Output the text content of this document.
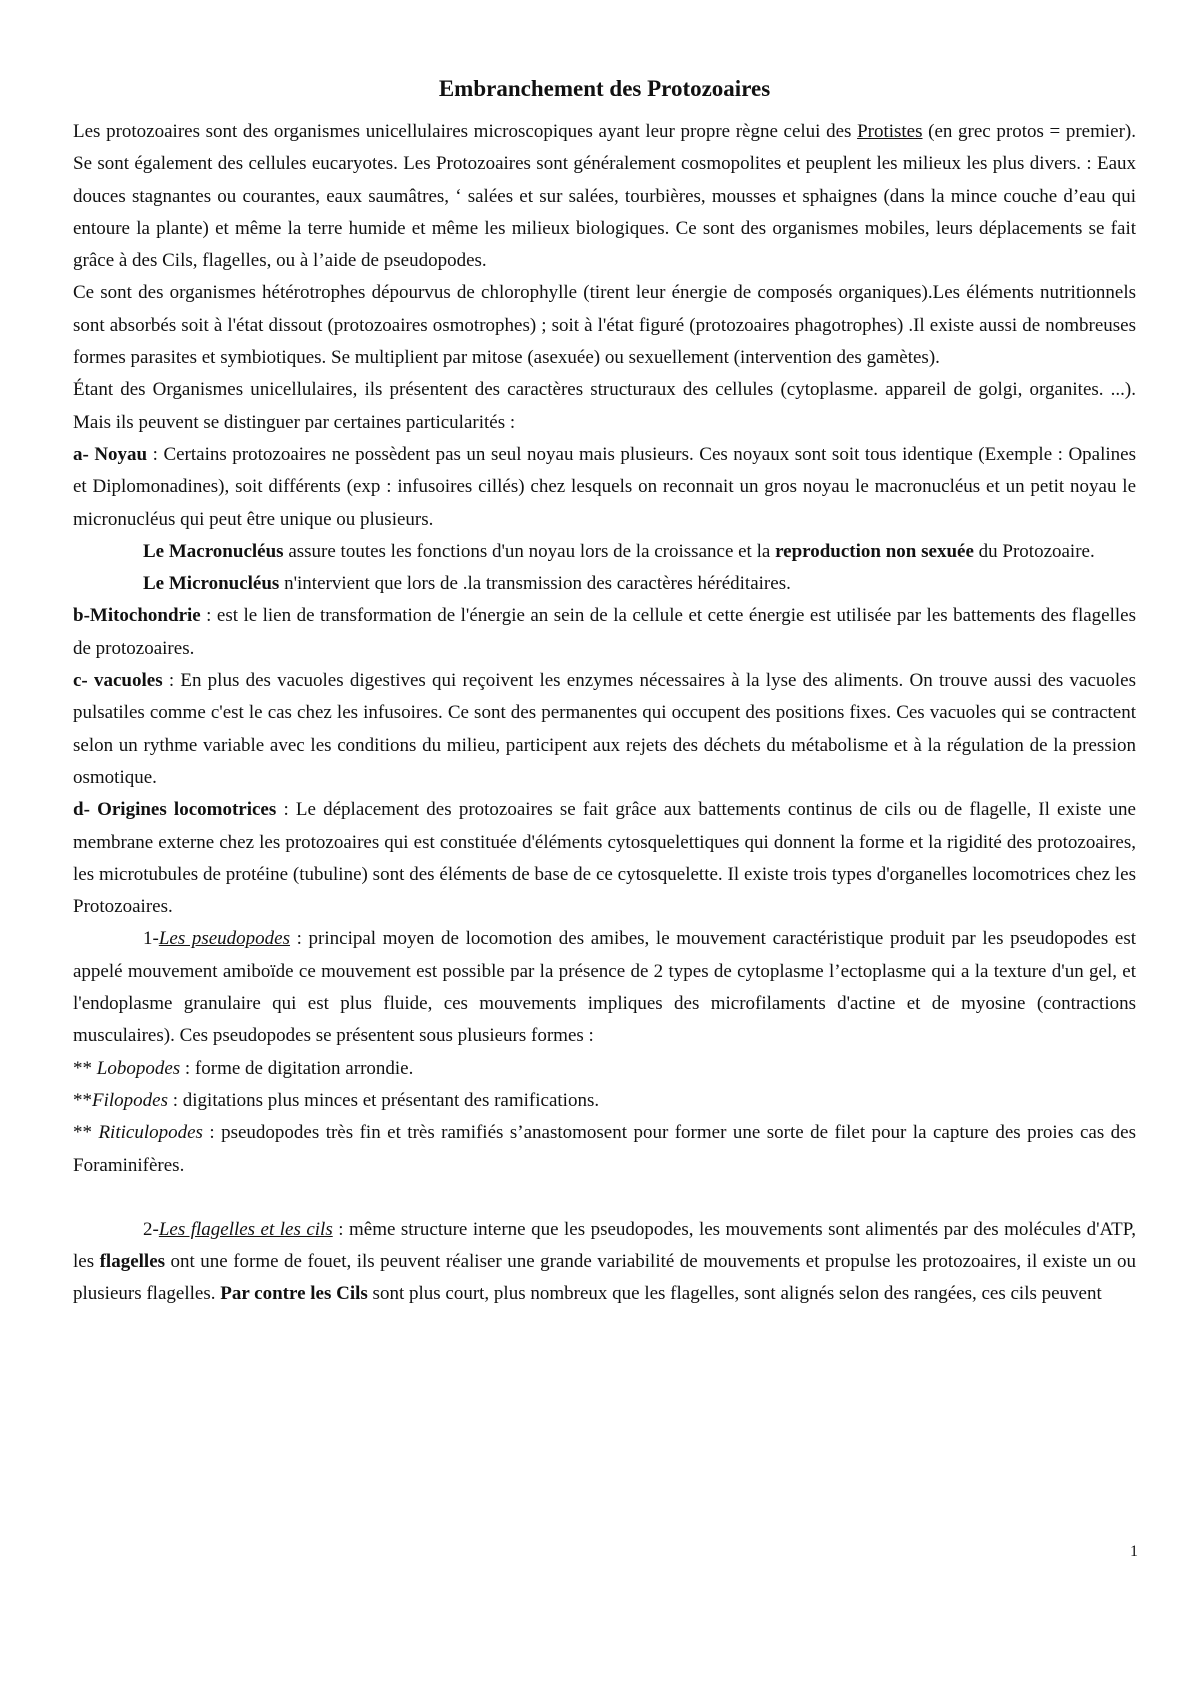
Embranchement des Protozoaires

Les protozoaires sont des organismes unicellulaires microscopiques ayant leur propre règne celui des Protistes (en grec protos = premier). Se sont également des cellules eucaryotes. Les Protozoaires sont généralement cosmopolites et peuplent les milieux les plus divers. : Eaux douces stagnantes ou courantes, eaux saumâtres, ‘ salées et sur salées, tourbières, mousses et sphaignes (dans la mince couche d’eau qui entoure la plante) et même la terre humide et même les milieux biologiques. Ce sont des organismes mobiles, leurs déplacements se fait grâce à des Cils, flagelles, ou à l’aide de pseudopodes.

Ce sont des organismes hétérotrophes dépourvus de chlorophylle (tirent leur énergie de composés organiques).Les éléments nutritionnels sont absorbés soit à l'état dissout (protozoaires osmotrophes) ; soit à l'état figuré (protozoaires phagotrophes) .Il existe aussi de nombreuses formes parasites et symbiotiques. Se multiplient par mitose (asexuée) ou sexuellement (intervention des gamètes).

Étant des Organismes unicellulaires, ils présentent des caractères structuraux des cellules (cytoplasme. appareil de golgi, organites. ...). Mais ils peuvent se distinguer par certaines particularités :

a- Noyau : Certains protozoaires ne possèdent pas un seul noyau mais plusieurs. Ces noyaux sont soit tous identique (Exemple : Opalines et Diplomonadines), soit différents (exp : infusoires cillés) chez lesquels on reconnait un gros noyau le macronucléus et un petit noyau le micronucléus qui peut être unique ou plusieurs.

Le Macronucléus assure toutes les fonctions d'un noyau lors de la croissance et la reproduction non sexuée du Protozoaire.

Le Micronucléus n'intervient que lors de .la transmission des caractères héréditaires.

b-Mitochondrie : est le lien de transformation de l'énergie an sein de la cellule et cette énergie est utilisée par les battements des flagelles de protozoaires.

c- vacuoles : En plus des vacuoles digestives qui reçoivent les enzymes nécessaires à la lyse des aliments. On trouve aussi des vacuoles pulsatiles comme c'est le cas chez les infusoires. Ce sont des permanentes qui occupent des positions fixes. Ces vacuoles qui se contractent selon un rythme variable avec les conditions du milieu, participent aux rejets des déchets du métabolisme et à la régulation de la pression osmotique.

d- Origines locomotrices : Le déplacement des protozoaires se fait grâce aux battements continus de cils ou de flagelle, Il existe une membrane externe chez les protozoaires qui est constituée d'éléments cytosquelettiques qui donnent la forme et la rigidité des protozoaires, les microtubules de protéine (tubuline) sont des éléments de base de ce cytosquelette. Il existe trois types d'organelles locomotrices chez les Protozoaires.

1-Les pseudopodes : principal moyen de locomotion des amibes, le mouvement caractéristique produit par les pseudopodes est appelé mouvement amiboïde ce mouvement est possible par la présence de 2 types de cytoplasme l’ectoplasme qui a la texture d'un gel, et l'endoplasme granulaire qui est plus fluide, ces mouvements impliques des microfilaments d'actine et de myosine (contractions musculaires). Ces pseudopodes se présentent sous plusieurs formes :

** Lobopodes : forme de digitation arrondie.

**Filopodes : digitations plus minces et présentant des ramifications.

** Riticulopodes : pseudopodes très fin et très ramifiés s’anastomosent pour former une sorte de filet pour la capture des proies cas des Foraminifères.

2-Les flagelles et les cils : même structure interne que les pseudopodes, les mouvements sont alimentés par des molécules d'ATP, les flagelles ont une forme de fouet, ils peuvent réaliser une grande variabilité de mouvements et propulse les protozoaires, il existe un ou plusieurs flagelles. Par contre les Cils sont plus court, plus nombreux que les flagelles, sont alignés selon des rangées, ces cils peuvent

1
